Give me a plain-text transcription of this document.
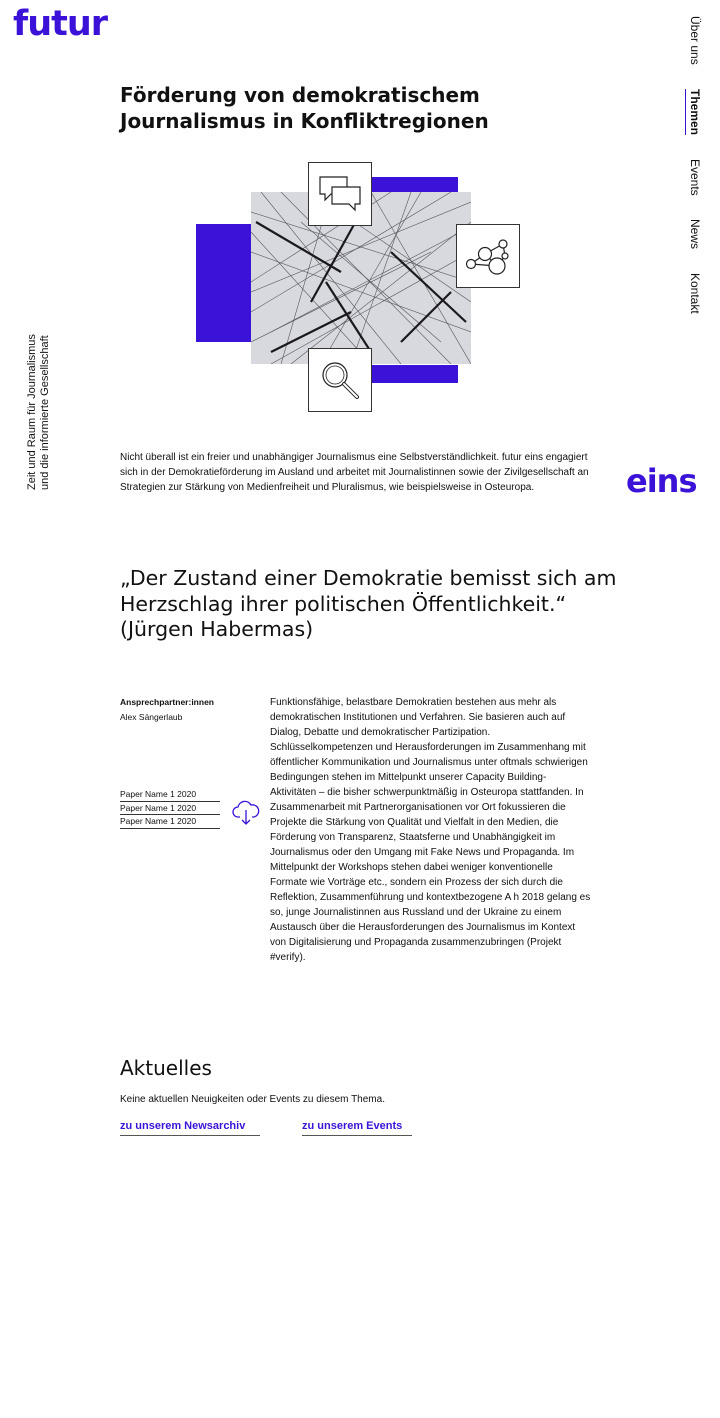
futur	Über uns
Themen
Events
News
Kontakt
Zeit und Raum für Journalismus und die informierte Gesellschaft
Förderung von demokratischem Journalismus in Konfliktregionen

Nicht überall ist ein freier und unabhängiger Journalismus eine Selbstverständlichkeit. futur eins engagiert sich in der Demokratieförderung im Ausland und arbeitet mit Journalistinnen sowie der Zivilgesellschaft an Strategien zur Stärkung von Medienfreiheit und Pluralismus, wie beispielsweise in Osteuropa.	eins
„Der Zustand einer Demokratie bemisst sich am Herzschlag ihrer politischen Öffentlichkeit.“ (Jürgen Habermas)
Ansprechpartner:innen
Alex Sängerlaub
Paper Name 1 2020
Paper Name 1 2020
Paper Name 1 2020

Funktionsfähige, belastbare Demokratien bestehen aus mehr als demokratischen Institutionen und Verfahren. Sie basieren auch auf Dialog, Debatte und demokratischer Partizipation. Schlüsselkompetenzen und Herausforderungen im Zusammenhang mit öffentlicher Kommunikation und Journalismus unter oftmals schwierigen Bedingungen stehen im Mittelpunkt unserer Capacity Building-Aktivitäten – die bisher schwerpunktmäßig in Osteuropa stattfanden. In Zusammenarbeit mit Partnerorganisationen vor Ort fokussieren die Projekte die Stärkung von Qualität und Vielfalt in den Medien, die Förderung von Transparenz, Staatsferne und Unabhängigkeit im Journalismus oder den Umgang mit Fake News und Propaganda. Im Mittelpunkt der Workshops stehen dabei weniger konventionelle Formate wie Vorträge etc., sondern ein Prozess der sich durch die Reflektion, Zusammenführung und kontextbezogene A h 2018 gelang es so, junge Journalistinnen aus Russland und der Ukraine zu einem Austausch über die Herausforderungen des Journalismus im Kontext von Digitalisierung und Propaganda zusammenzubringen (Projekt #verify).

Aktuelles

Keine aktuellen Neuigkeiten oder Events zu diesem Thema.

zu unserem Newsarchiv	zu unserem Events
